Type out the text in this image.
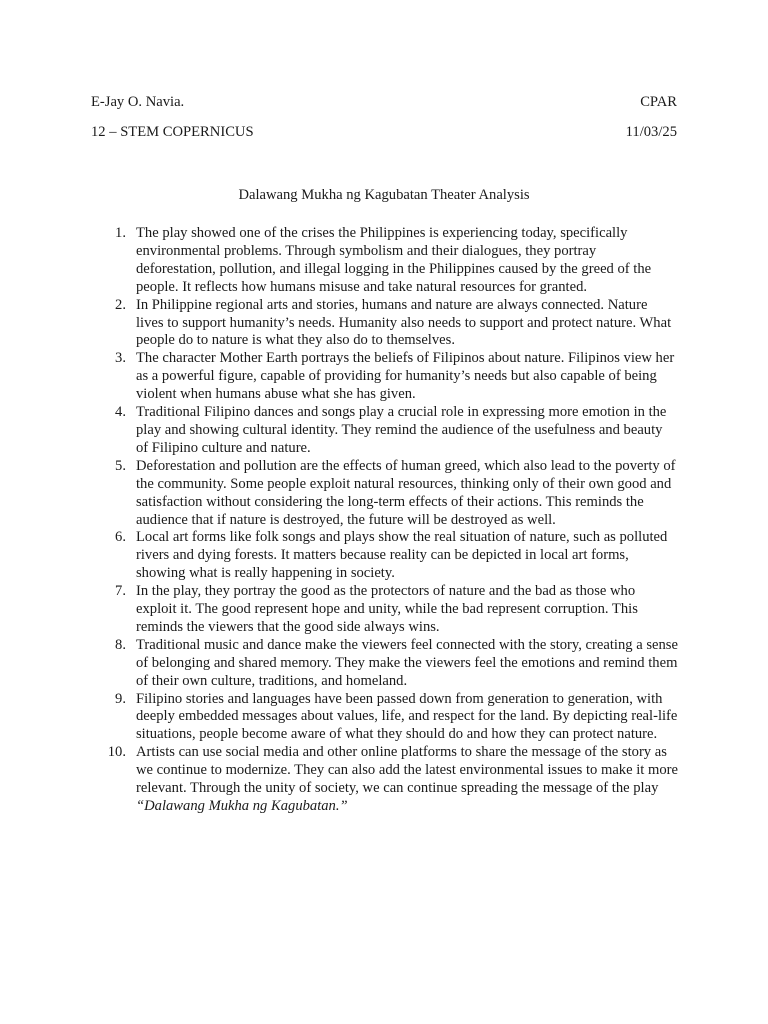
E-Jay O. Navia.	CPAR
12 – STEM COPERNICUS	11/03/25
Dalawang Mukha ng Kagubatan Theater Analysis
1. The play showed one of the crises the Philippines is experiencing today, specifically environmental problems. Through symbolism and their dialogues, they portray deforestation, pollution, and illegal logging in the Philippines caused by the greed of the people. It reflects how humans misuse and take natural resources for granted.
2. In Philippine regional arts and stories, humans and nature are always connected. Nature lives to support humanity’s needs. Humanity also needs to support and protect nature. What people do to nature is what they also do to themselves.
3. The character Mother Earth portrays the beliefs of Filipinos about nature. Filipinos view her as a powerful figure, capable of providing for humanity’s needs but also capable of being violent when humans abuse what she has given.
4. Traditional Filipino dances and songs play a crucial role in expressing more emotion in the play and showing cultural identity. They remind the audience of the usefulness and beauty of Filipino culture and nature.
5. Deforestation and pollution are the effects of human greed, which also lead to the poverty of the community. Some people exploit natural resources, thinking only of their own good and satisfaction without considering the long-term effects of their actions. This reminds the audience that if nature is destroyed, the future will be destroyed as well.
6. Local art forms like folk songs and plays show the real situation of nature, such as polluted rivers and dying forests. It matters because reality can be depicted in local art forms, showing what is really happening in society.
7. In the play, they portray the good as the protectors of nature and the bad as those who exploit it. The good represent hope and unity, while the bad represent corruption. This reminds the viewers that the good side always wins.
8. Traditional music and dance make the viewers feel connected with the story, creating a sense of belonging and shared memory. They make the viewers feel the emotions and remind them of their own culture, traditions, and homeland.
9. Filipino stories and languages have been passed down from generation to generation, with deeply embedded messages about values, life, and respect for the land. By depicting real-life situations, people become aware of what they should do and how they can protect nature.
10. Artists can use social media and other online platforms to share the message of the story as we continue to modernize. They can also add the latest environmental issues to make it more relevant. Through the unity of society, we can continue spreading the message of the play “Dalawang Mukha ng Kagubatan.”
